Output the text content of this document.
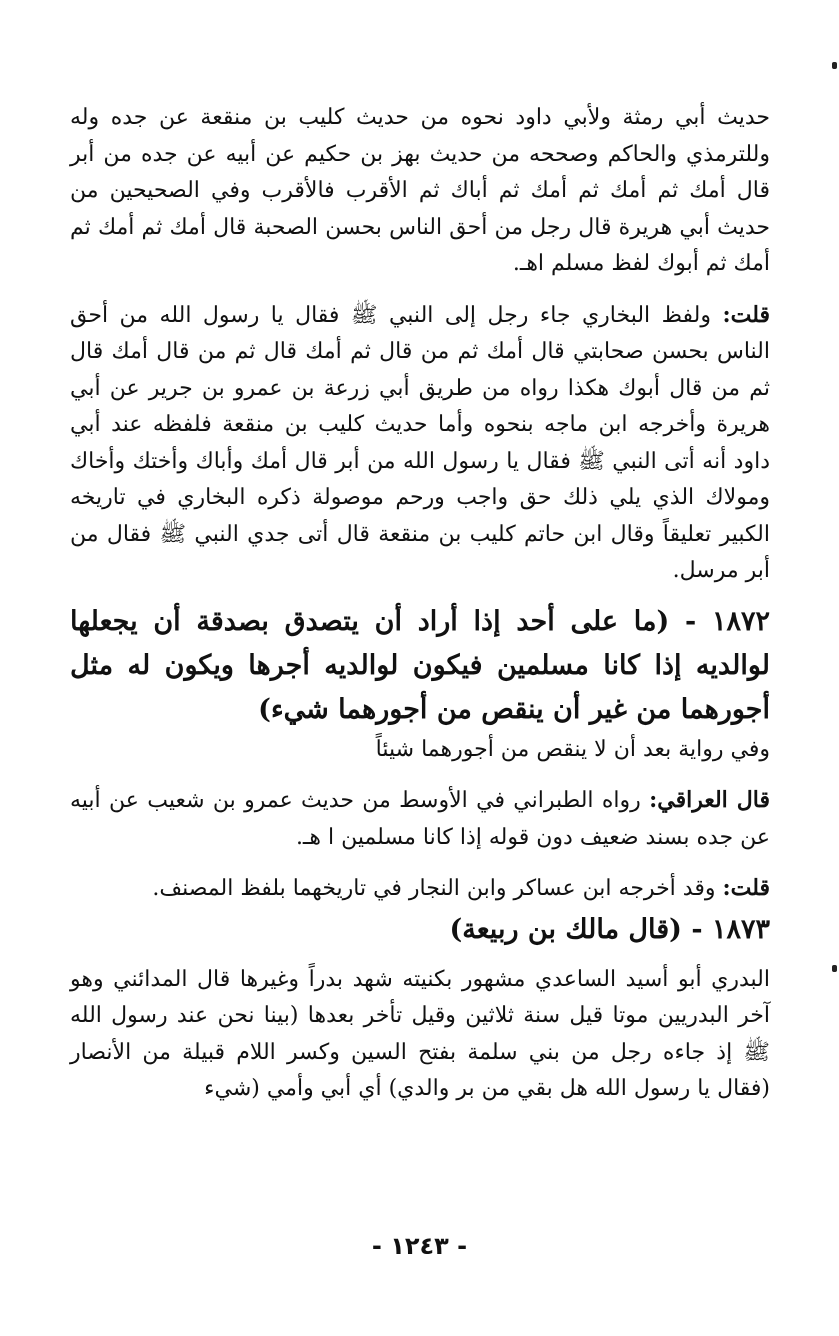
حديث أبي رمثة ولأبي داود نحوه من حديث كليب بن منقعة عن جده وله وللترمذي والحاكم وصححه من حديث بهز بن حكيم عن أبيه عن جده من أبر قال أمك ثم أمك ثم أمك ثم أباك ثم الأقرب فالأقرب وفي الصحيحين من حديث أبي هريرة قال رجل من أحق الناس بحسن الصحبة قال أمك ثم أمك ثم أمك ثم أبوك لفظ مسلم اهـ.

قلت: ولفظ البخاري جاء رجل إلى النبي ﷺ فقال يا رسول الله من أحق الناس بحسن صحابتي قال أمك ثم من قال ثم أمك قال ثم من قال أمك قال ثم من قال أبوك هكذا رواه من طريق أبي زرعة بن عمرو بن جرير عن أبي هريرة وأخرجه ابن ماجه بنحوه وأما حديث كليب بن منقعة فلفظه عند أبي داود أنه أتى النبي ﷺ فقال يا رسول الله من أبر قال أمك وأباك وأختك وأخاك ومولاك الذي يلي ذلك حق واجب ورحم موصولة ذكره البخاري في تاريخه الكبير تعليقاً وقال ابن حاتم كليب بن منقعة قال أتى جدي النبي ﷺ فقال من أبر مرسل.

١٨٧٢ - (ما على أحد إذا أراد أن يتصدق بصدقة أن يجعلها لوالديه إذا كانا مسلمين فيكون لوالديه أجرها ويكون له مثل أجورهما من غير أن ينقص من أجورهما شيء)

وفي رواية بعد أن لا ينقص من أجورهما شيئاً

قال العراقي: رواه الطبراني في الأوسط من حديث عمرو بن شعيب عن أبيه عن جده بسند ضعيف دون قوله إذا كانا مسلمين ا هـ.

قلت: وقد أخرجه ابن عساكر وابن النجار في تاريخهما بلفظ المصنف.

١٨٧٣ - (قال مالك بن ربيعة)

البدري أبو أسيد الساعدي مشهور بكنيته شهد بدراً وغيرها قال المدائني وهو آخر البدريين موتا قيل سنة ثلاثين وقيل تأخر بعدها (بينا نحن عند رسول الله ﷺ إذ جاءه رجل من بني سلمة بفتح السين وكسر اللام قبيلة من الأنصار (فقال يا رسول الله هل بقي من بر والدي) أي أبي وأمي (شيء

- ١٢٤٣ -
